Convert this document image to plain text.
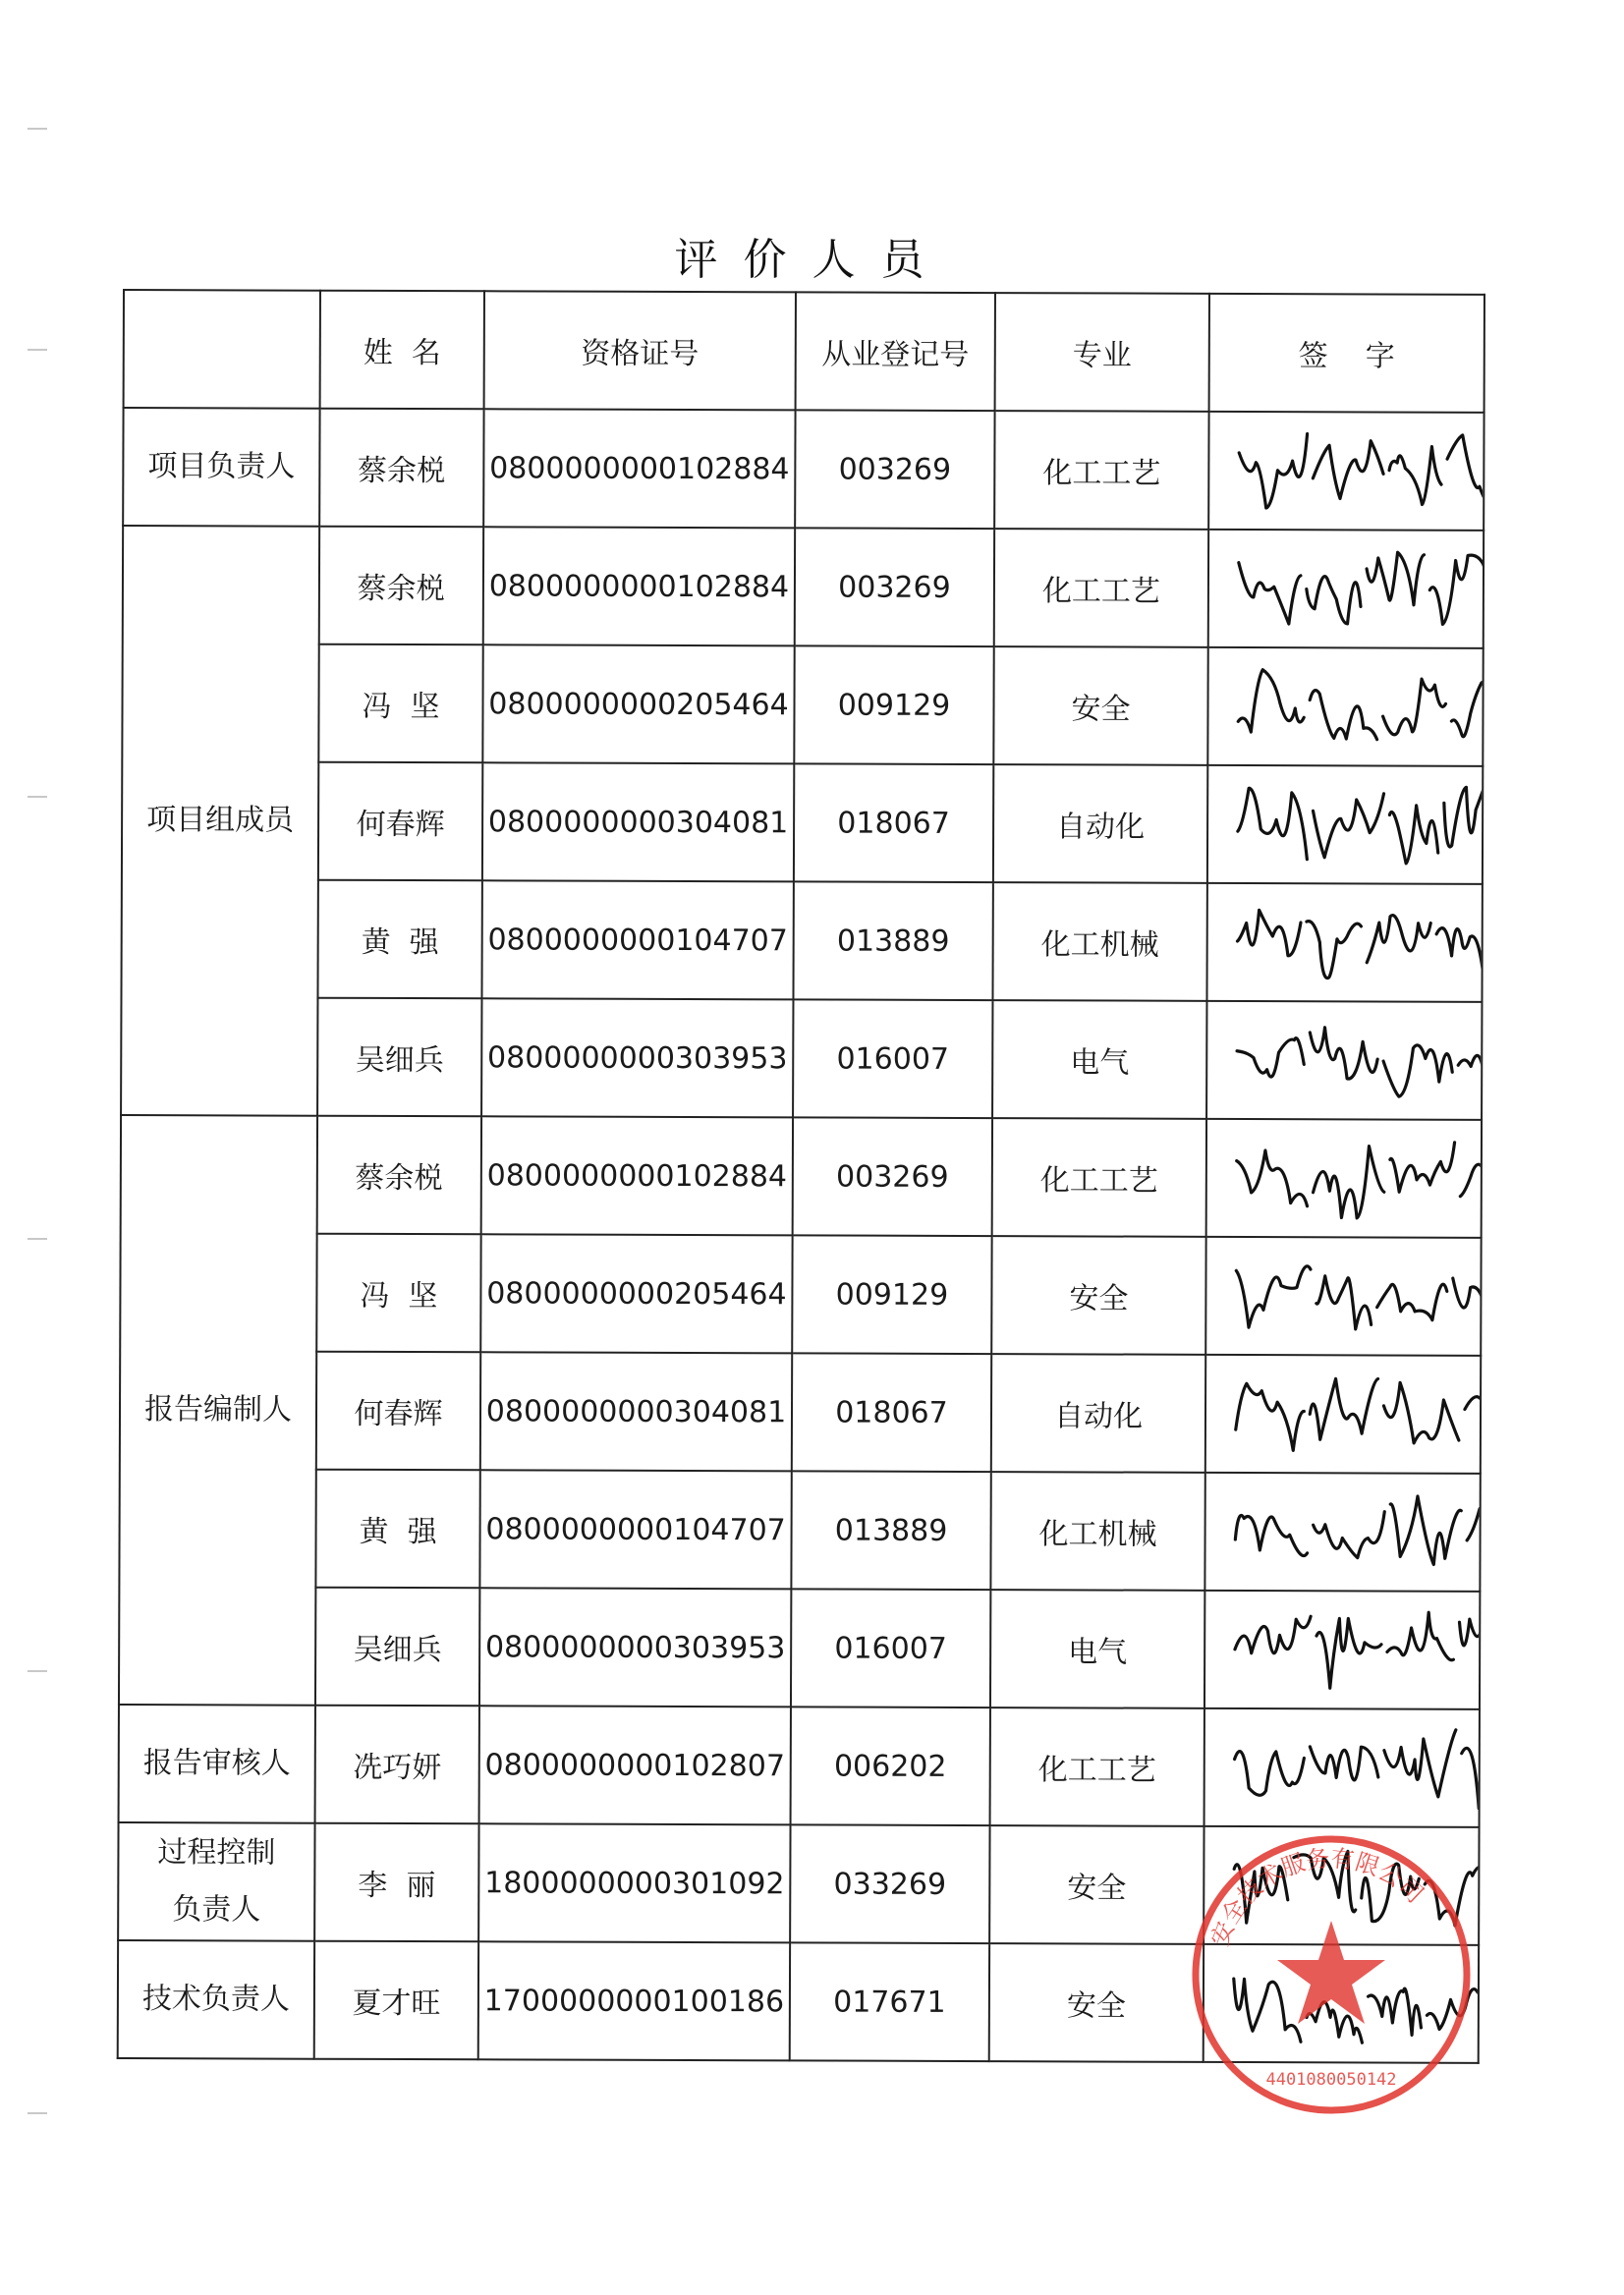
评价人员
	姓  名	资格证号	从业登记号	专业	签    字
项目负责人	蔡余棁	0800000000102884	003269	化工工艺	

项目组成员	蔡余棁	0800000000102884	003269	化工工艺	

	冯  坚	0800000000205464	009129	安全	

	何春辉	0800000000304081	018067	自动化	

	黄  强	0800000000104707	013889	化工机械	

	吴细兵	0800000000303953	016007	电气	

报告编制人	蔡余棁	0800000000102884	003269	化工工艺	

	冯  坚	0800000000205464	009129	安全	

	何春辉	0800000000304081	018067	自动化	

	黄  强	0800000000104707	013889	化工机械	

	吴细兵	0800000000303953	016007	电气	

报告审核人	冼巧妍	0800000000102807	006202	化工工艺	

过程控制
负责人	李  丽	1800000000301092	033269	安全	

技术负责人	夏才旺	1700000000100186	017671	安全	
安全技术服务有限公司
4401080050142
